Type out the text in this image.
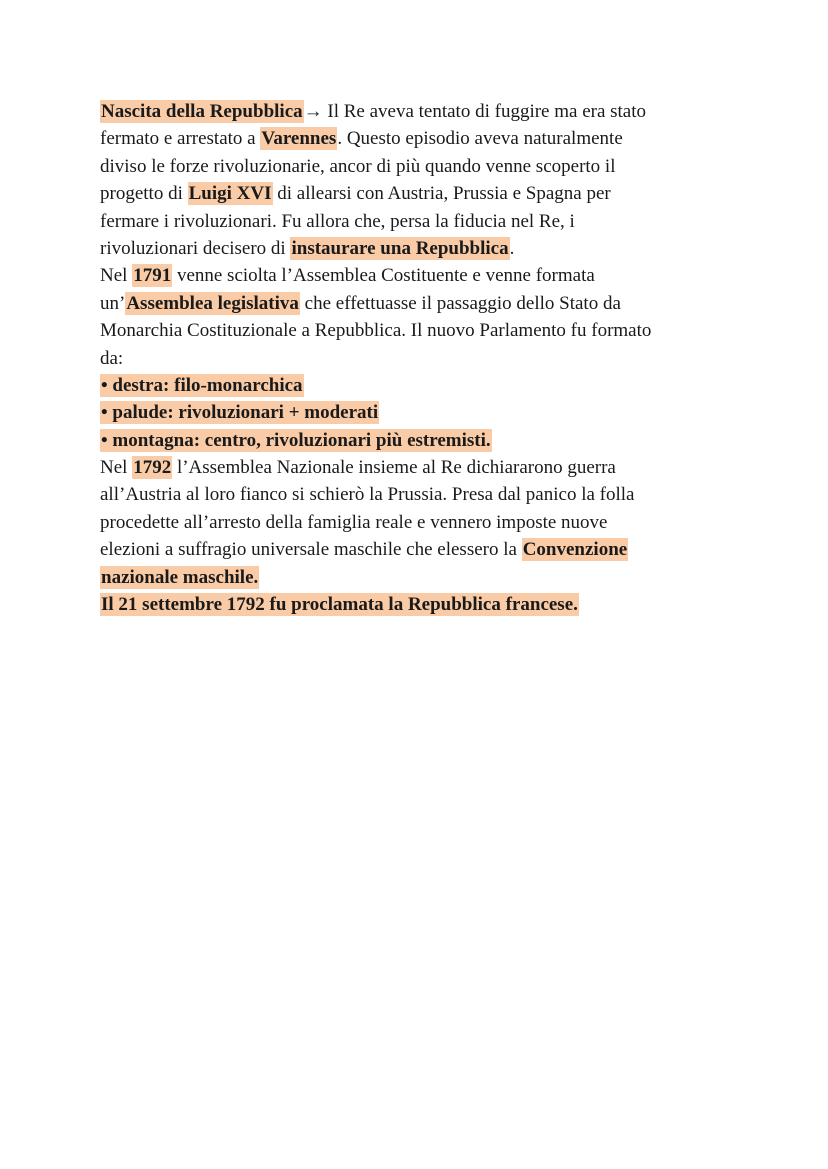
Nascita della Repubblica→ Il Re aveva tentato di fuggire ma era stato
fermato e arrestato a Varennes. Questo episodio aveva naturalmente
diviso le forze rivoluzionarie, ancor di più quando venne scoperto il
progetto di Luigi XVI di allearsi con Austria, Prussia e Spagna per
fermare i rivoluzionari. Fu allora che, persa la fiducia nel Re, i
rivoluzionari decisero di instaurare una Repubblica.
Nel 1791 venne sciolta l’Assemblea Costituente e venne formata
un’Assemblea legislativa che effettuasse il passaggio dello Stato da
Monarchia Costituzionale a Repubblica. Il nuovo Parlamento fu formato
da:
• destra: filo-monarchica
• palude: rivoluzionari + moderati
• montagna: centro, rivoluzionari più estremisti.
Nel 1792 l’Assemblea Nazionale insieme al Re dichiararono guerra
all’Austria al loro fianco si schierò la Prussia. Presa dal panico la folla
procedette all’arresto della famiglia reale e vennero imposte nuove
elezioni a suffragio universale maschile che elessero la Convenzione
nazionale maschile.
Il 21 settembre 1792 fu proclamata la Repubblica francese.
